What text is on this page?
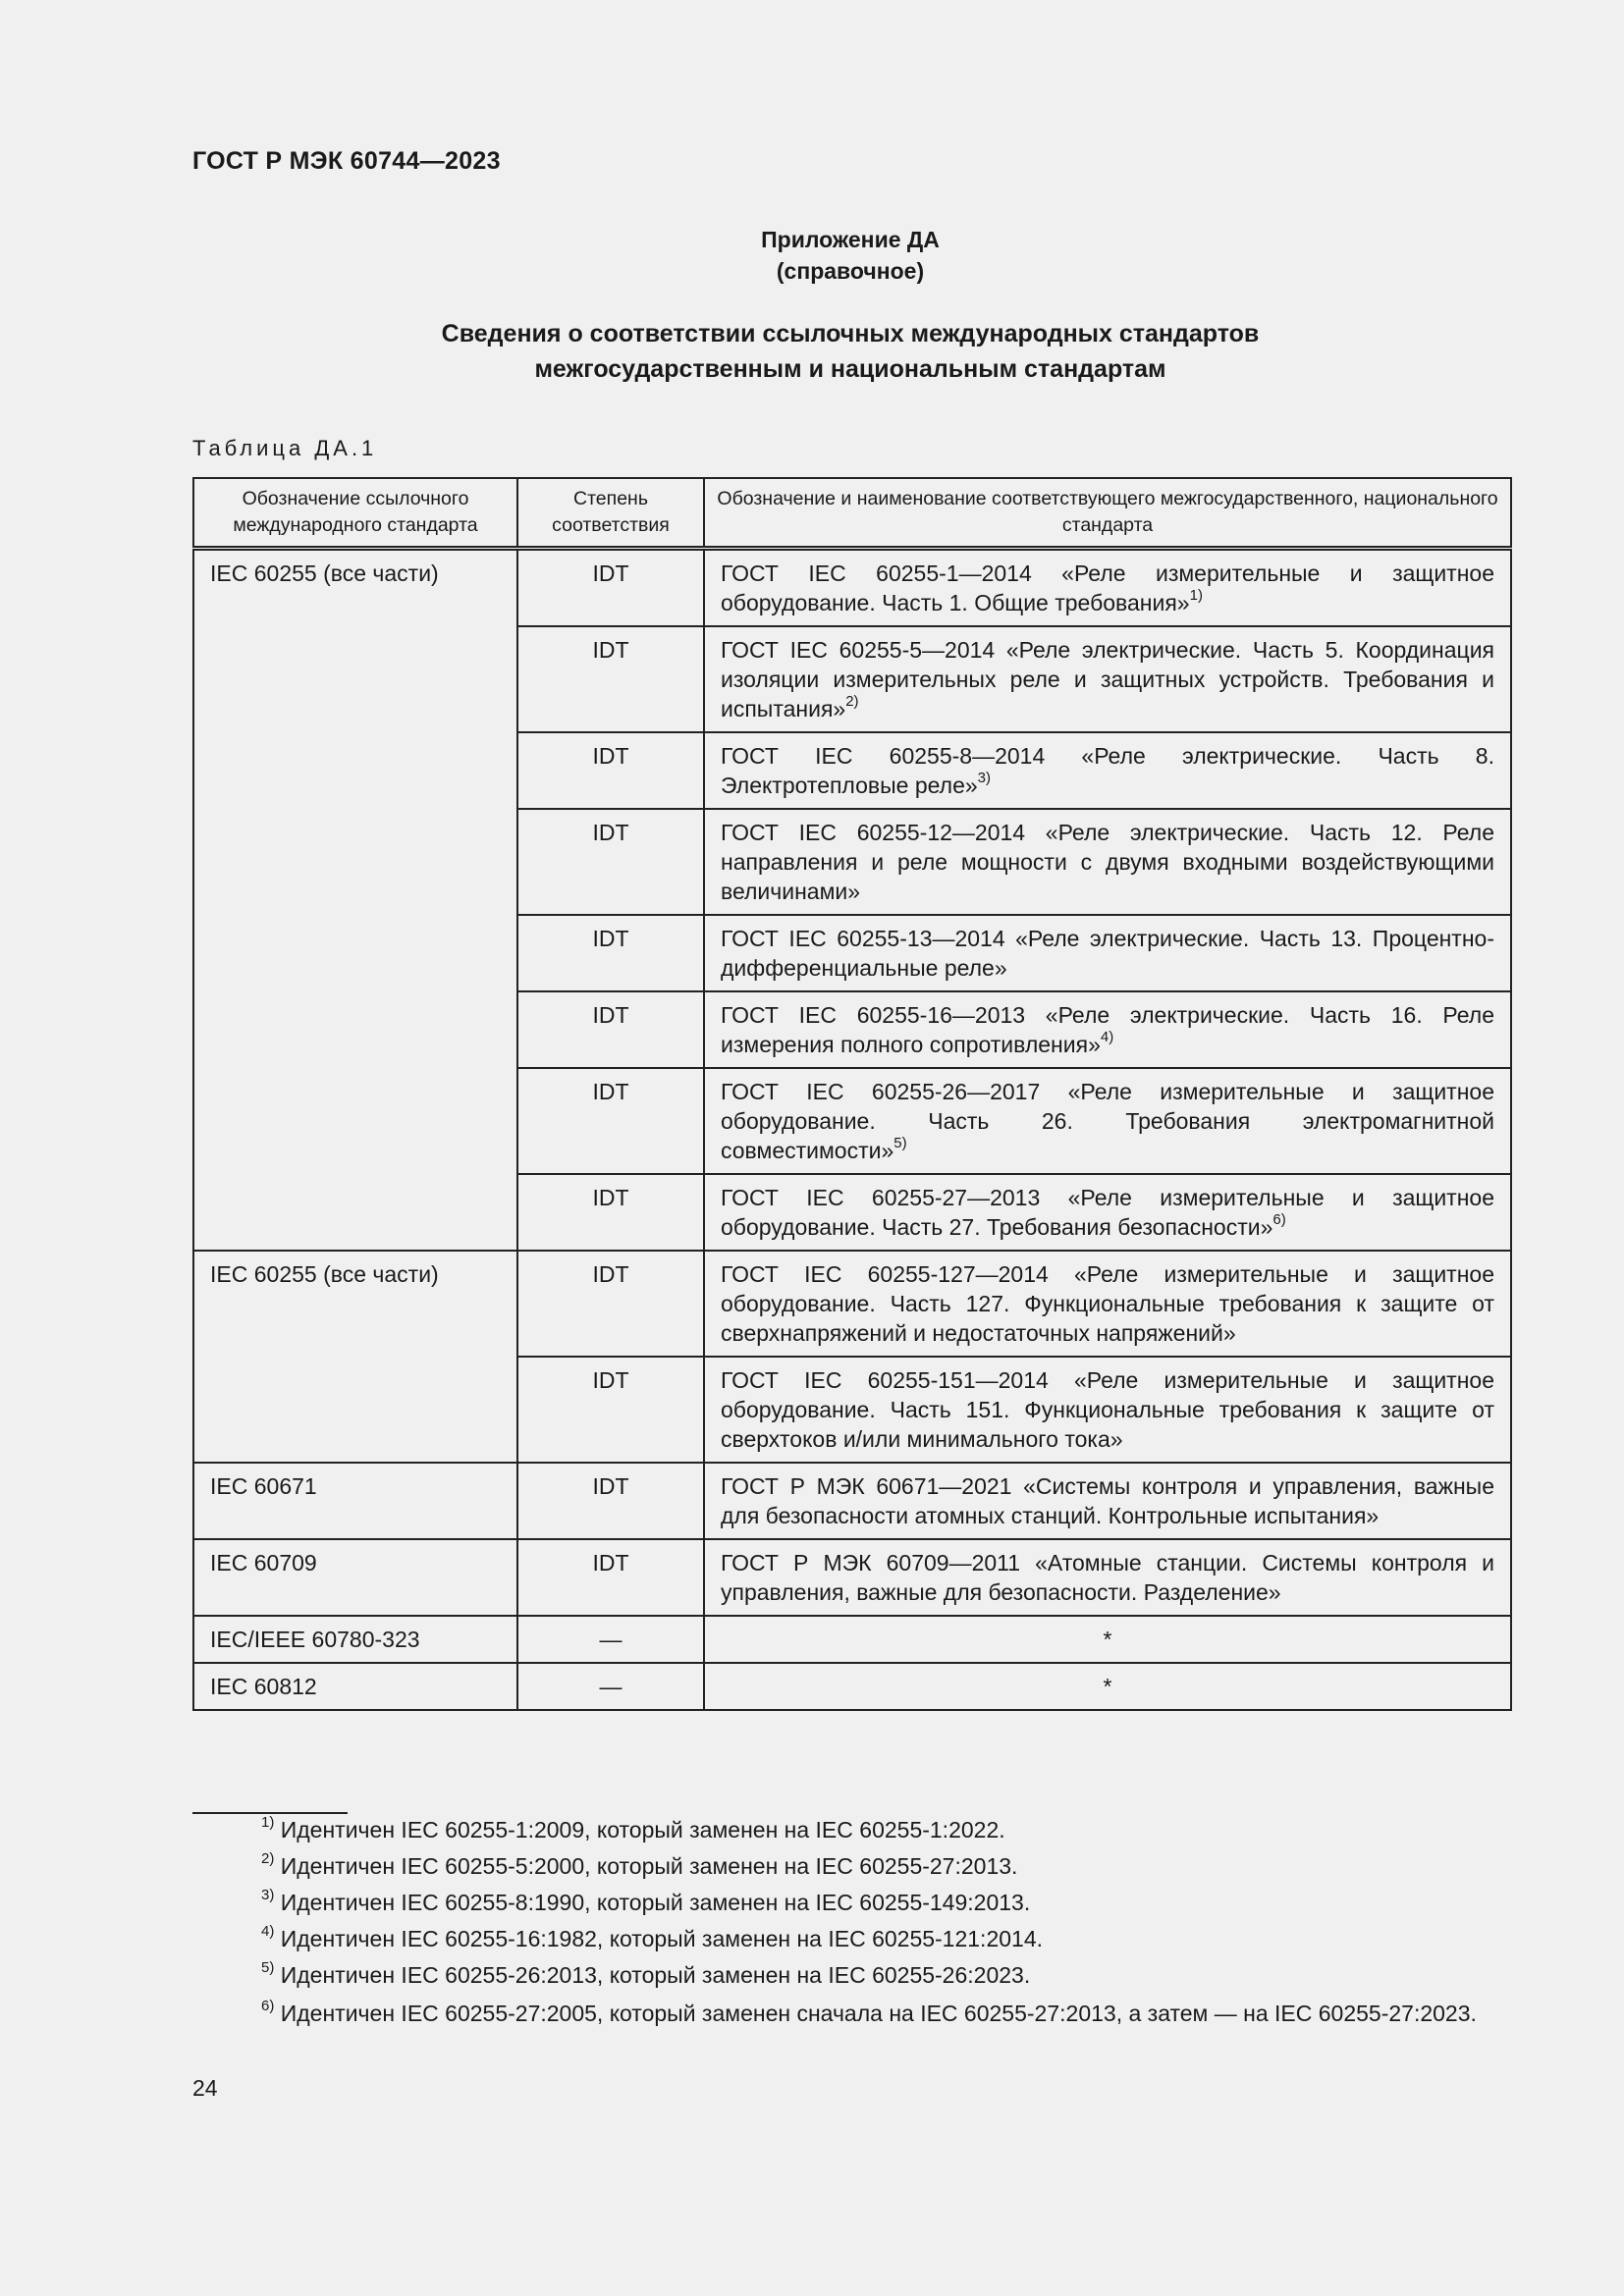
ГОСТ Р МЭК 60744—2023
Приложение ДА
(справочное)
Сведения о соответствии ссылочных международных стандартов
межгосударственным и национальным стандартам
Таблица ДА.1
Обозначение ссылочного международного стандарта	Степень соответствия	Обозначение и наименование соответствующего межгосударственного, национального стандарта
IEC 60255 (все части)	IDT	ГОСТ IEC 60255-1—2014 «Реле измерительные и защитное оборудование. Часть 1. Общие требования»$^{1)}$
	IDT	ГОСТ IEC 60255-5—2014 «Реле электрические. Часть 5. Координация изоляции измерительных реле и защитных устройств. Требования и испытания»$^{2)}$
	IDT	ГОСТ IEC 60255-8—2014 «Реле электрические. Часть 8. Электротепловые реле»$^{3)}$
	IDT	ГОСТ IEC 60255-12—2014 «Реле электрические. Часть 12. Реле направления и реле мощности с двумя входными воздействующими величинами»
	IDT	ГОСТ IEC 60255-13—2014 «Реле электрические. Часть 13. Процентно-дифференциальные реле»
	IDT	ГОСТ IEC 60255-16—2013 «Реле электрические. Часть 16. Реле измерения полного сопротивления»$^{4)}$
	IDT	ГОСТ IEC 60255-26—2017 «Реле измерительные и защитное оборудование. Часть 26. Требования электромагнитной совместимости»$^{5)}$
	IDT	ГОСТ IEC 60255-27—2013 «Реле измерительные и защитное оборудование. Часть 27. Требования безопасности»$^{6)}$
IEC 60255 (все части)	IDT	ГОСТ IEC 60255-127—2014 «Реле измерительные и защитное оборудование. Часть 127. Функциональные требования к защите от сверхнапряжений и недостаточных напряжений»
	IDT	ГОСТ IEC 60255-151—2014 «Реле измерительные и защитное оборудование. Часть 151. Функциональные требования к защите от сверхтоков и/или минимального тока»
IEC 60671	IDT	ГОСТ Р МЭК 60671—2021 «Системы контроля и управления, важные для безопасности атомных станций. Контрольные испытания»
IEC 60709	IDT	ГОСТ Р МЭК 60709—2011 «Атомные станции. Системы контроля и управления, важные для безопасности. Разделение»
IEC/IEEE 60780-323	—	*
IEC 60812	—	*
$^{1)}$ Идентичен IEC 60255-1:2009, который заменен на IEC 60255-1:2022.
$^{2)}$ Идентичен IEC 60255-5:2000, который заменен на IEC 60255-27:2013.
$^{3)}$ Идентичен IEC 60255-8:1990, который заменен на IEC 60255-149:2013.
$^{4)}$ Идентичен IEC 60255-16:1982, который заменен на IEC 60255-121:2014.
$^{5)}$ Идентичен IEC 60255-26:2013, который заменен на IEC 60255-26:2023.
$^{6)}$ Идентичен IEC 60255-27:2005, который заменен сначала на IEC 60255-27:2013, а затем — на IEC 60255-27:2023.
24
